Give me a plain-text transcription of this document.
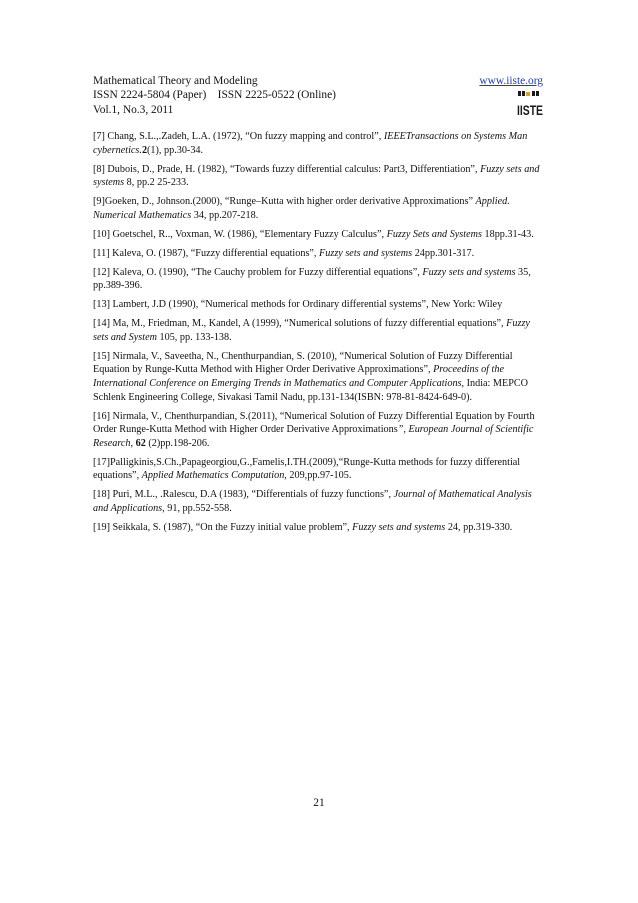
Mathematical Theory and Modeling
ISSN 2224-5804 (Paper)    ISSN 2225-0522 (Online)
Vol.1, No.3, 2011
www.iiste.org
IISTE

[7] Chang, S.L.,.Zadeh, L.A. (1972), “On fuzzy mapping and control”, IEEETransactions on Systems Man cybernetics.2(1), pp.30-34.

[8] Dubois, D., Prade, H. (1982), “Towards fuzzy differential calculus: Part3, Differentiation”, Fuzzy sets and systems 8, pp.2 25-233.

[9]Goeken, D., Johnson.(2000), “Runge–Kutta with higher order derivative Approximations” Applied. Numerical Mathematics 34, pp.207-218.

[10] Goetschel, R.., Voxman, W. (1986), “Elementary Fuzzy Calculus”, Fuzzy Sets and Systems 18pp.31-43.

[11] Kaleva, O. (1987), “Fuzzy differential equations”, Fuzzy sets and systems 24pp.301-317.

[12] Kaleva, O. (1990), “The Cauchy problem for Fuzzy differential equations”, Fuzzy sets and systems 35, pp.389-396.

[13] Lambert, J.D (1990), “Numerical methods for Ordinary differential systems”, New York: Wiley

[14] Ma, M., Friedman, M., Kandel, A (1999), “Numerical solutions of fuzzy differential equations”, Fuzzy sets and System 105, pp. 133-138.

[15] Nirmala, V., Saveetha, N., Chenthurpandian, S. (2010), “Numerical Solution of Fuzzy Differential Equation by Runge-Kutta Method with Higher Order Derivative Approximations”, Proceedins of the International Conference on Emerging Trends in Mathematics and Computer Applications, India: MEPCO Schlenk Engineering College, Sivakasi Tamil Nadu, pp.131-134(ISBN: 978-81-8424-649-0).

[16] Nirmala, V., Chenthurpandian, S.(2011), “Numerical Solution of Fuzzy Differential Equation by Fourth Order Runge-Kutta Method with Higher Order Derivative Approximations”, European Journal of Scientific Research, 62 (2)pp.198-206.

[17]Palligkinis,S.Ch.,Papageorgiou,G.,Famelis,I.TH.(2009),“Runge-Kutta methods for fuzzy differential equations”, Applied Mathematics Computation, 209,pp.97-105.

[18] Puri, M.L., .Ralescu, D.A (1983), “Differentials of fuzzy functions”, Journal of Mathematical Analysis and Applications, 91, pp.552-558.

[19] Seikkala, S. (1987), “On the Fuzzy initial value problem”, Fuzzy sets and systems 24, pp.319-330.

21
